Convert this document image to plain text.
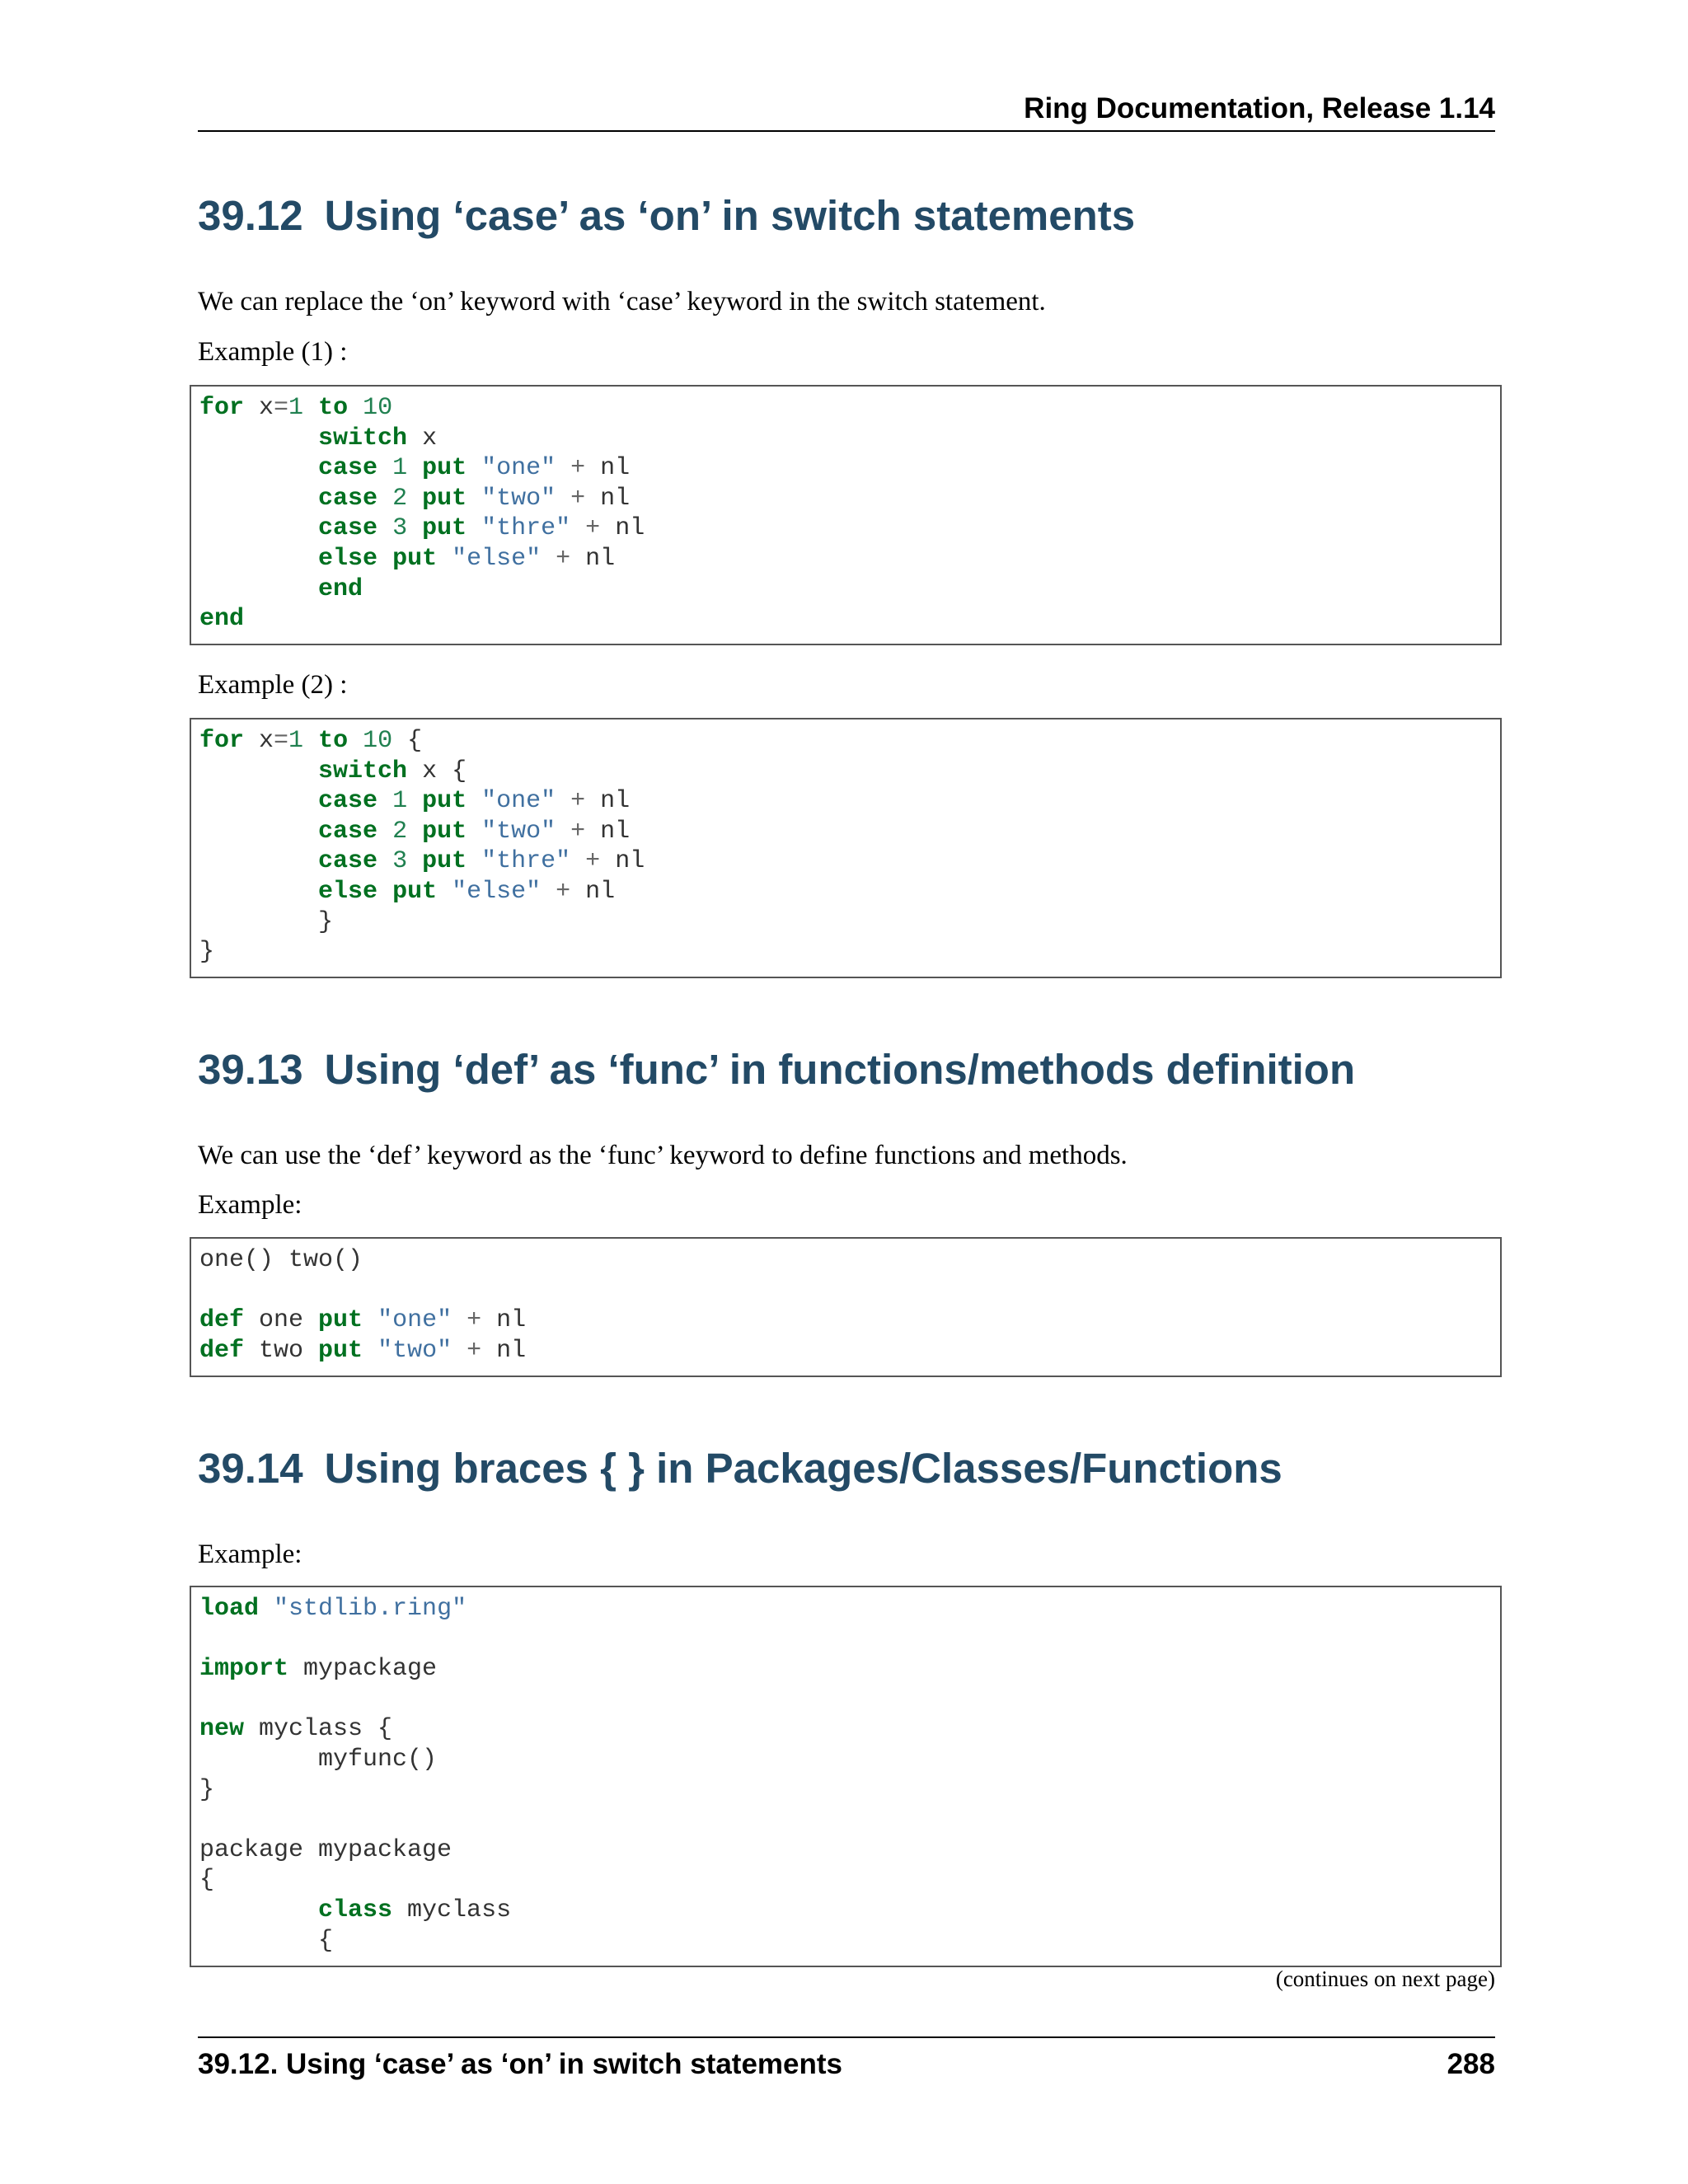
Ring Documentation, Release 1.14
39.12 Using ‘case’ as ‘on’ in switch statements

We can replace the ‘on’ keyword with ‘case’ keyword in the switch statement.

Example (1) :

for x=1 to 10
	switch x
	case 1 put "one" + nl
	case 2 put "two" + nl
	case 3 put "thre" + nl
	else put "else" + nl
	end
end

Example (2) :

for x=1 to 10 {
	switch x {
	case 1 put "one" + nl
	case 2 put "two" + nl
	case 3 put "thre" + nl
	else put "else" + nl
	}
}
39.13 Using ‘def’ as ‘func’ in functions/methods definition

We can use the ‘def’ keyword as the ‘func’ keyword to define functions and methods.

Example:

one() two()

def one put "one" + nl
def two put "two" + nl
39.14 Using braces { } in Packages/Classes/Functions

Example:

load "stdlib.ring"

import mypackage

new myclass {
	myfunc()
}

package mypackage
{
	class myclass
	{
(continues on next page)
39.12. Using ‘case’ as ‘on’ in switch statements	288
